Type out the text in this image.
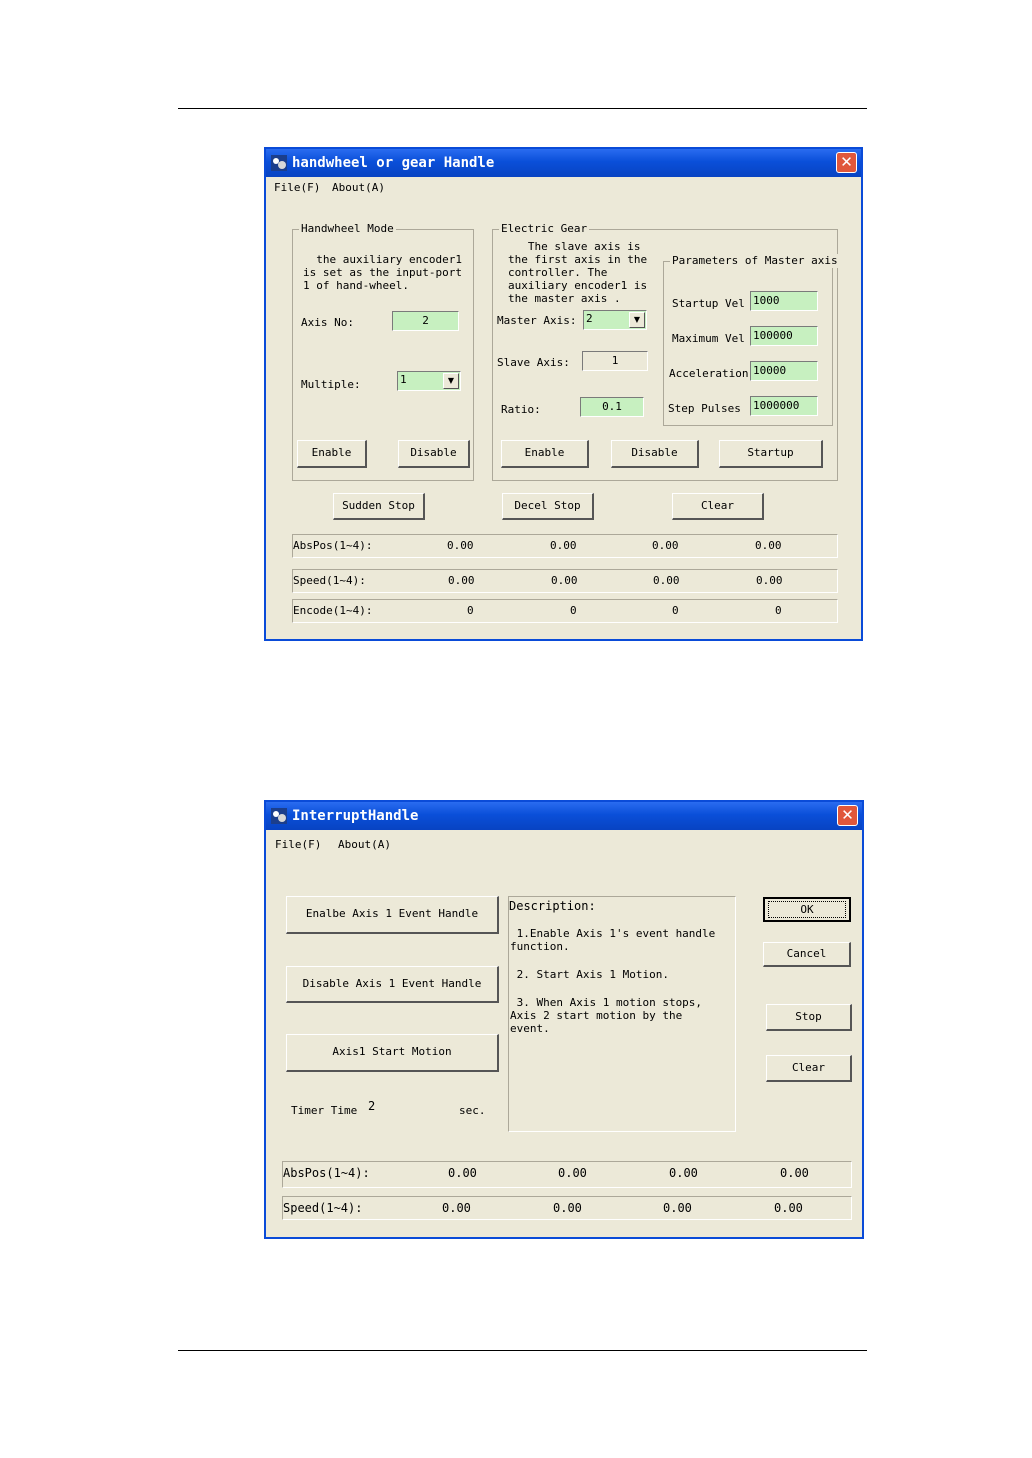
handwheel or gear Handle	✕
File(F) About(A)
Handwheel Mode
the auxiliary encoder1
is set as the input-port
1 of hand-wheel.
Axis No:	2
Multiple:	1	▼
Enable	Disable
Electric Gear
The slave axis is
the first axis in the
controller. The
auxiliary encoder1 is
the master axis .
Master Axis: 2	▼
Slave Axis:	1
Ratio:	0.1
Enable	Disable	Startup
Parameters of Master axis
Startup Vel 1000
Maximum Vel 100000
Acceleration 10000
Step Pulses 1000000
Sudden Stop	Decel Stop	Clear
AbsPos(1~4):	0.00	0.00	0.00	0.00
Speed(1~4):	0.00	0.00	0.00	0.00
Encode(1~4):	0	0	0	0
InterruptHandle	✕
File(F) About(A)
Enalbe Axis 1 Event Handle
Disable Axis 1 Event Handle
Axis1 Start Motion
Timer Time 2	sec.
Description:
1.Enable Axis 1's event handle
function.
2. Start Axis 1 Motion.
3. When Axis 1 motion stops,
Axis 2 start motion by the
event.
OK
Cancel
Stop
Clear
AbsPos(1~4):	0.00	0.00	0.00	0.00
Speed(1~4):	0.00	0.00	0.00	0.00
